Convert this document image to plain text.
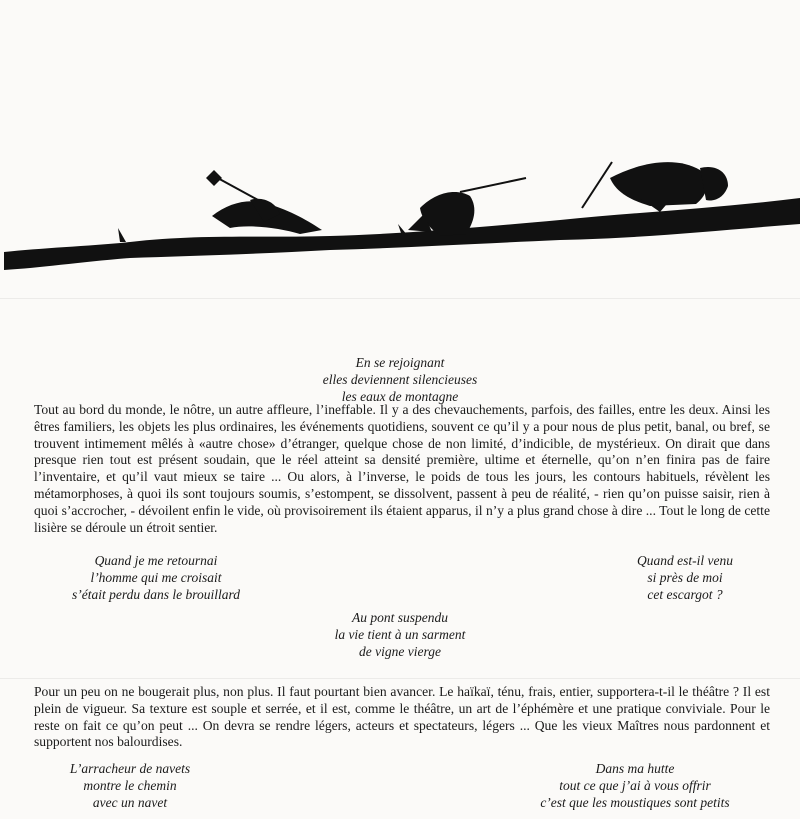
En se rejoignant
elles deviennent silencieuses
les eaux de montagne

Tout au bord du monde, le nôtre, un autre affleure, l’ineffable. Il y a des chevauchements, parfois, des failles, entre les deux. Ainsi les êtres familiers, les objets les plus ordinaires, les événements quotidiens, souvent ce qu’il y a pour nous de plus petit, banal, ou bref, se trouvent intimement mêlés à «autre chose» d’étranger, quelque chose de non limité, d’indicible, de mystérieux. On dirait que dans presque rien tout est présent soudain, que le réel atteint sa densité première, ultime et éternelle, qu’on n’en finira pas de faire l’inventaire, et qu’il vaut mieux se taire ... Ou alors, à l’inverse, le poids de tous les jours, les contours habituels, révèlent les métamorphoses, à quoi ils sont toujours soumis, s’estompent, se dissolvent, passent à peu de réalité, - rien qu’on puisse saisir, rien à quoi s’accrocher, - dévoilent enfin le vide, où provisoirement ils étaient apparus, il n’y a plus grand chose à dire ... Tout le long de cette lisière se déroule un étroit sentier.

Quand je me retournai
l’homme qui me croisait
s’était perdu dans le brouillard
Quand est-il venu
si près de moi
cet escargot ?
Au pont suspendu
la vie tient à un sarment
de vigne vierge

Pour un peu on ne bougerait plus, non plus. Il faut pourtant bien avancer. Le haïkaï, ténu, frais, entier, supportera-t-il le théâtre ? Il est plein de vigueur. Sa texture est souple et serrée, et il est, comme le théâtre, un art de l’éphémère et une pratique conviviale. Pour le reste on fait ce qu’on peut ... On devra se rendre légers, acteurs et spectateurs, légers ... Que les vieux Maîtres nous pardonnent et supportent nos balourdises.

L’arracheur de navets
montre le chemin
avec un navet
Dans ma hutte
tout ce que j’ai à vous offrir
c’est que les moustiques sont petits
